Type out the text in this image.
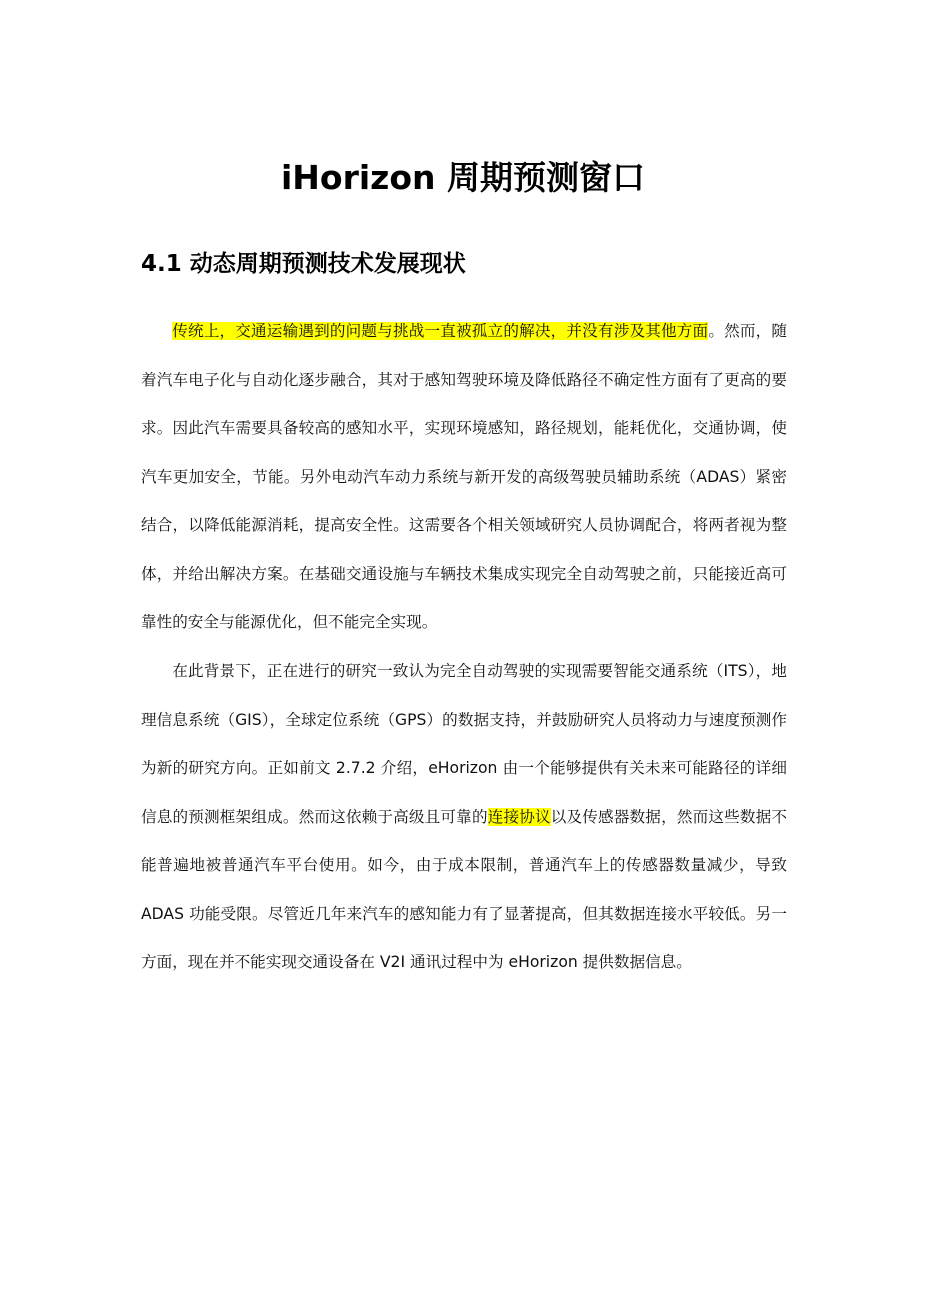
iHorizon 周期预测窗口
4.1 动态周期预测技术发展现状

传统上，交通运输遇到的问题与挑战一直被孤立的解决，并没有涉及其他方面。然而，随着汽车电子化与自动化逐步融合，其对于感知驾驶环境及降低路径不确定性方面有了更高的要求。因此汽车需要具备较高的感知水平，实现环境感知，路径规划，能耗优化，交通协调，使汽车更加安全，节能。另外电动汽车动力系统与新开发的高级驾驶员辅助系统（ADAS）紧密结合，以降低能源消耗，提高安全性。这需要各个相关领域研究人员协调配合，将两者视为整体，并给出解决方案。在基础交通设施与车辆技术集成实现完全自动驾驶之前，只能接近高可靠性的安全与能源优化，但不能完全实现。

在此背景下，正在进行的研究一致认为完全自动驾驶的实现需要智能交通系统（ITS），地理信息系统（GIS），全球定位系统（GPS）的数据支持，并鼓励研究人员将动力与速度预测作为新的研究方向。正如前文 2.7.2 介绍，eHorizon 由一个能够提供有关未来可能路径的详细信息的预测框架组成。然而这依赖于高级且可靠的连接协议以及传感器数据，然而这些数据不能普遍地被普通汽车平台使用。如今，由于成本限制，普通汽车上的传感器数量减少，导致 ADAS 功能受限。尽管近几年来汽车的感知能力有了显著提高，但其数据连接水平较低。另一方面，现在并不能实现交通设备在 V2I 通讯过程中为 eHorizon 提供数据信息。
